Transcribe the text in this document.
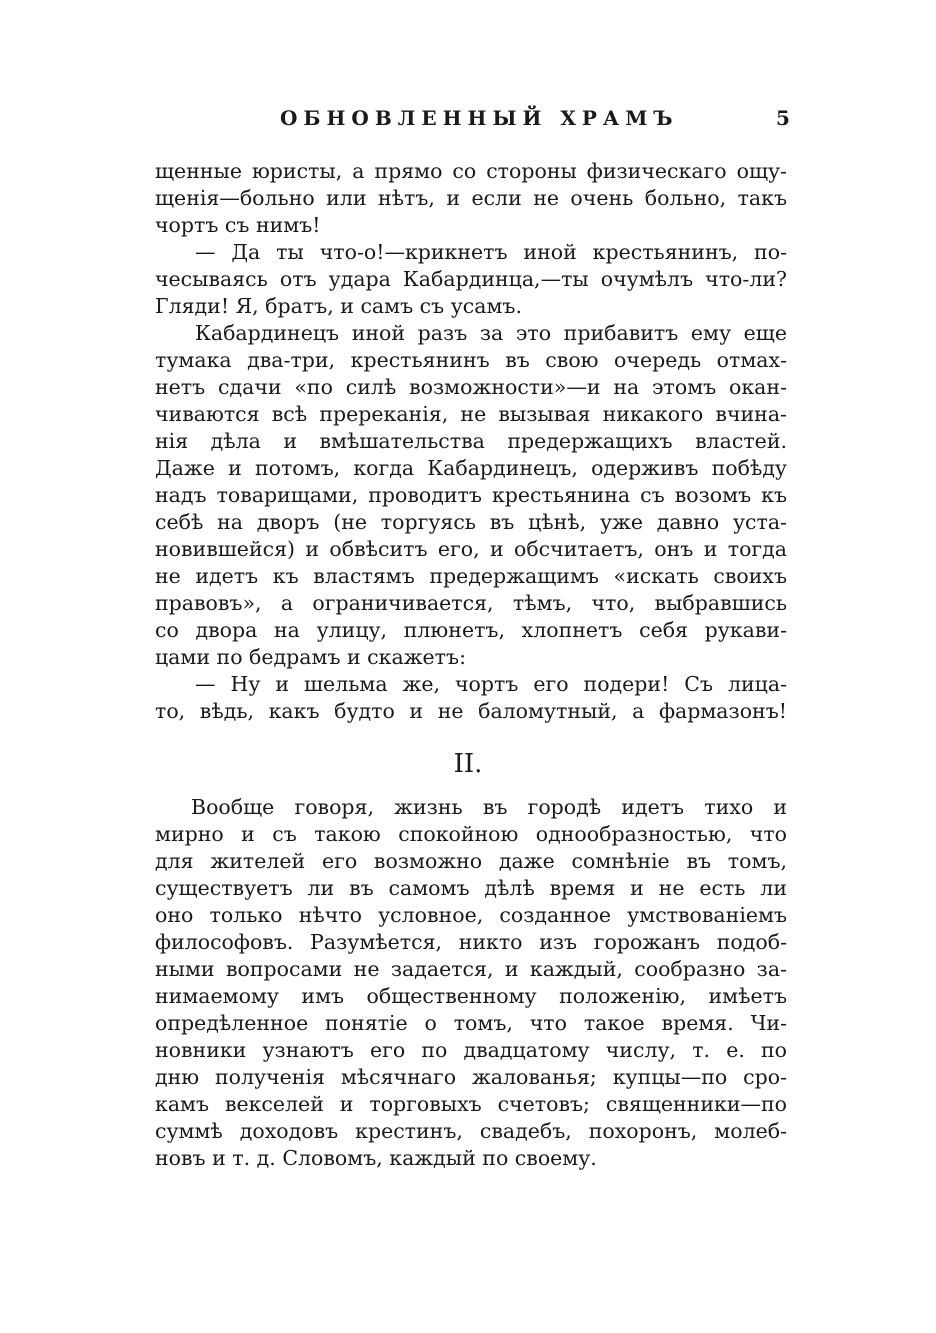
ОБНОВЛЕННЫЙ ХРАМЪ	5
щенные юристы, а прямо со стороны физическаго ощу-
щенія—больно или нѣтъ, и если не очень больно, такъ
чортъ съ нимъ!
— Да ты что-о!—крикнетъ иной крестьянинъ, по-
чесываясь отъ удара Кабардинца,—ты очумѣлъ что-ли?
Гляди! Я, братъ, и самъ съ усамъ.
Кабардинецъ иной разъ за это прибавитъ ему еще
тумака два-три, крестьянинъ въ свою очередь отмах-
нетъ сдачи «по силѣ возможности»—и на этомъ окан-
чиваются всѣ пререканія, не вызывая никакого вчина-
нія дѣла и вмѣшательства предержащихъ властей.
Даже и потомъ, когда Кабардинецъ, одерживъ побѣду
надъ товарищами, проводитъ крестьянина съ возомъ къ
себѣ на дворъ (не торгуясь въ цѣнѣ, уже давно уста-
новившейся) и обвѣситъ его, и обсчитаетъ, онъ и тогда
не идетъ къ властямъ предержащимъ «искать своихъ
правовъ», а ограничивается, тѣмъ, что, выбравшись
со двора на улицу, плюнетъ, хлопнетъ себя рукави-
цами по бедрамъ и скажетъ:
— Ну и шельма же, чортъ его подери! Съ лица-
то, вѣдь, какъ будто и не баломутный, а фармазонъ!
II.
Вообще говоря, жизнь въ городѣ идетъ тихо и
мирно и съ такою спокойною однообразностью, что
для жителей его возможно даже сомнѣніе въ томъ,
существуетъ ли въ самомъ дѣлѣ время и не есть ли
оно только нѣчто условное, созданное умствованіемъ
философовъ. Разумѣется, никто изъ горожанъ подоб-
ными вопросами не задается, и каждый, сообразно за-
нимаемому имъ общественному положенію, имѣетъ
опредѣленное понятіе о томъ, что такое время. Чи-
новники узнаютъ его по двадцатому числу, т. е. по
дню полученія мѣсячнаго жалованья; купцы—по сро-
камъ векселей и торговыхъ счетовъ; священники—по
суммѣ доходовъ крестинъ, свадебъ, похоронъ, молеб-
новъ и т. д. Словомъ, каждый по своему.
